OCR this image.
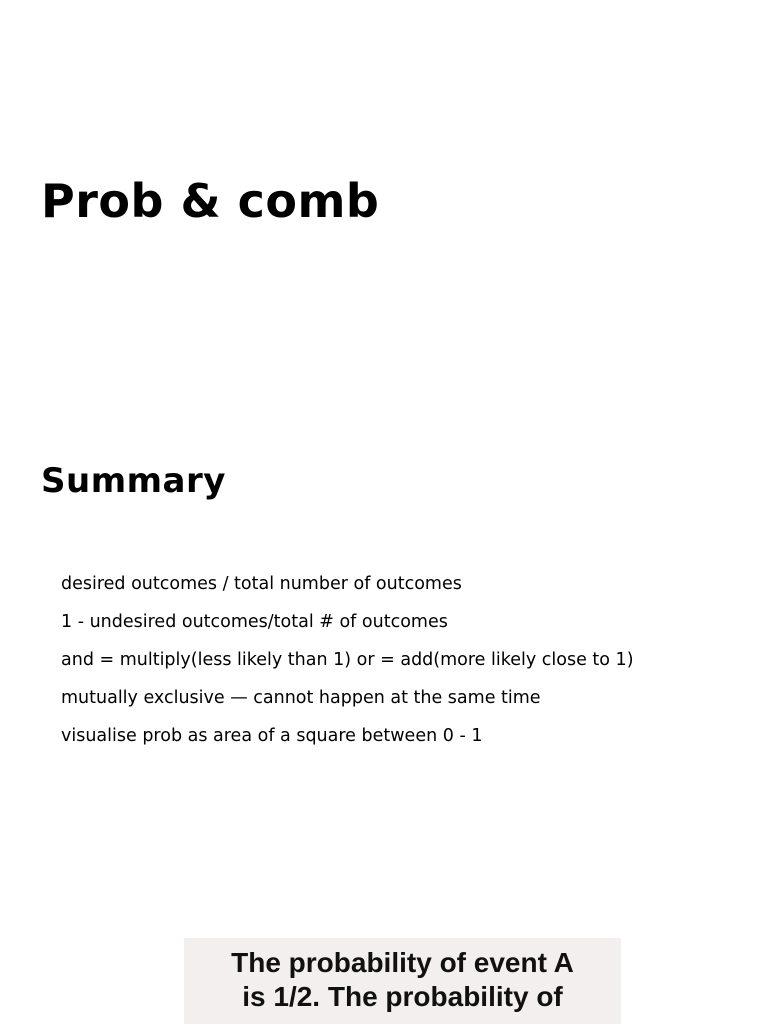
Prob & comb
Summary
desired outcomes / total number of outcomes
1 - undesired outcomes/total # of outcomes
and = multiply(less likely than 1) or = add(more likely close to 1)
mutually exclusive — cannot happen at the same time
visualise prob as area of a square between 0 - 1

The probability of event A
is 1/2. The probability of
